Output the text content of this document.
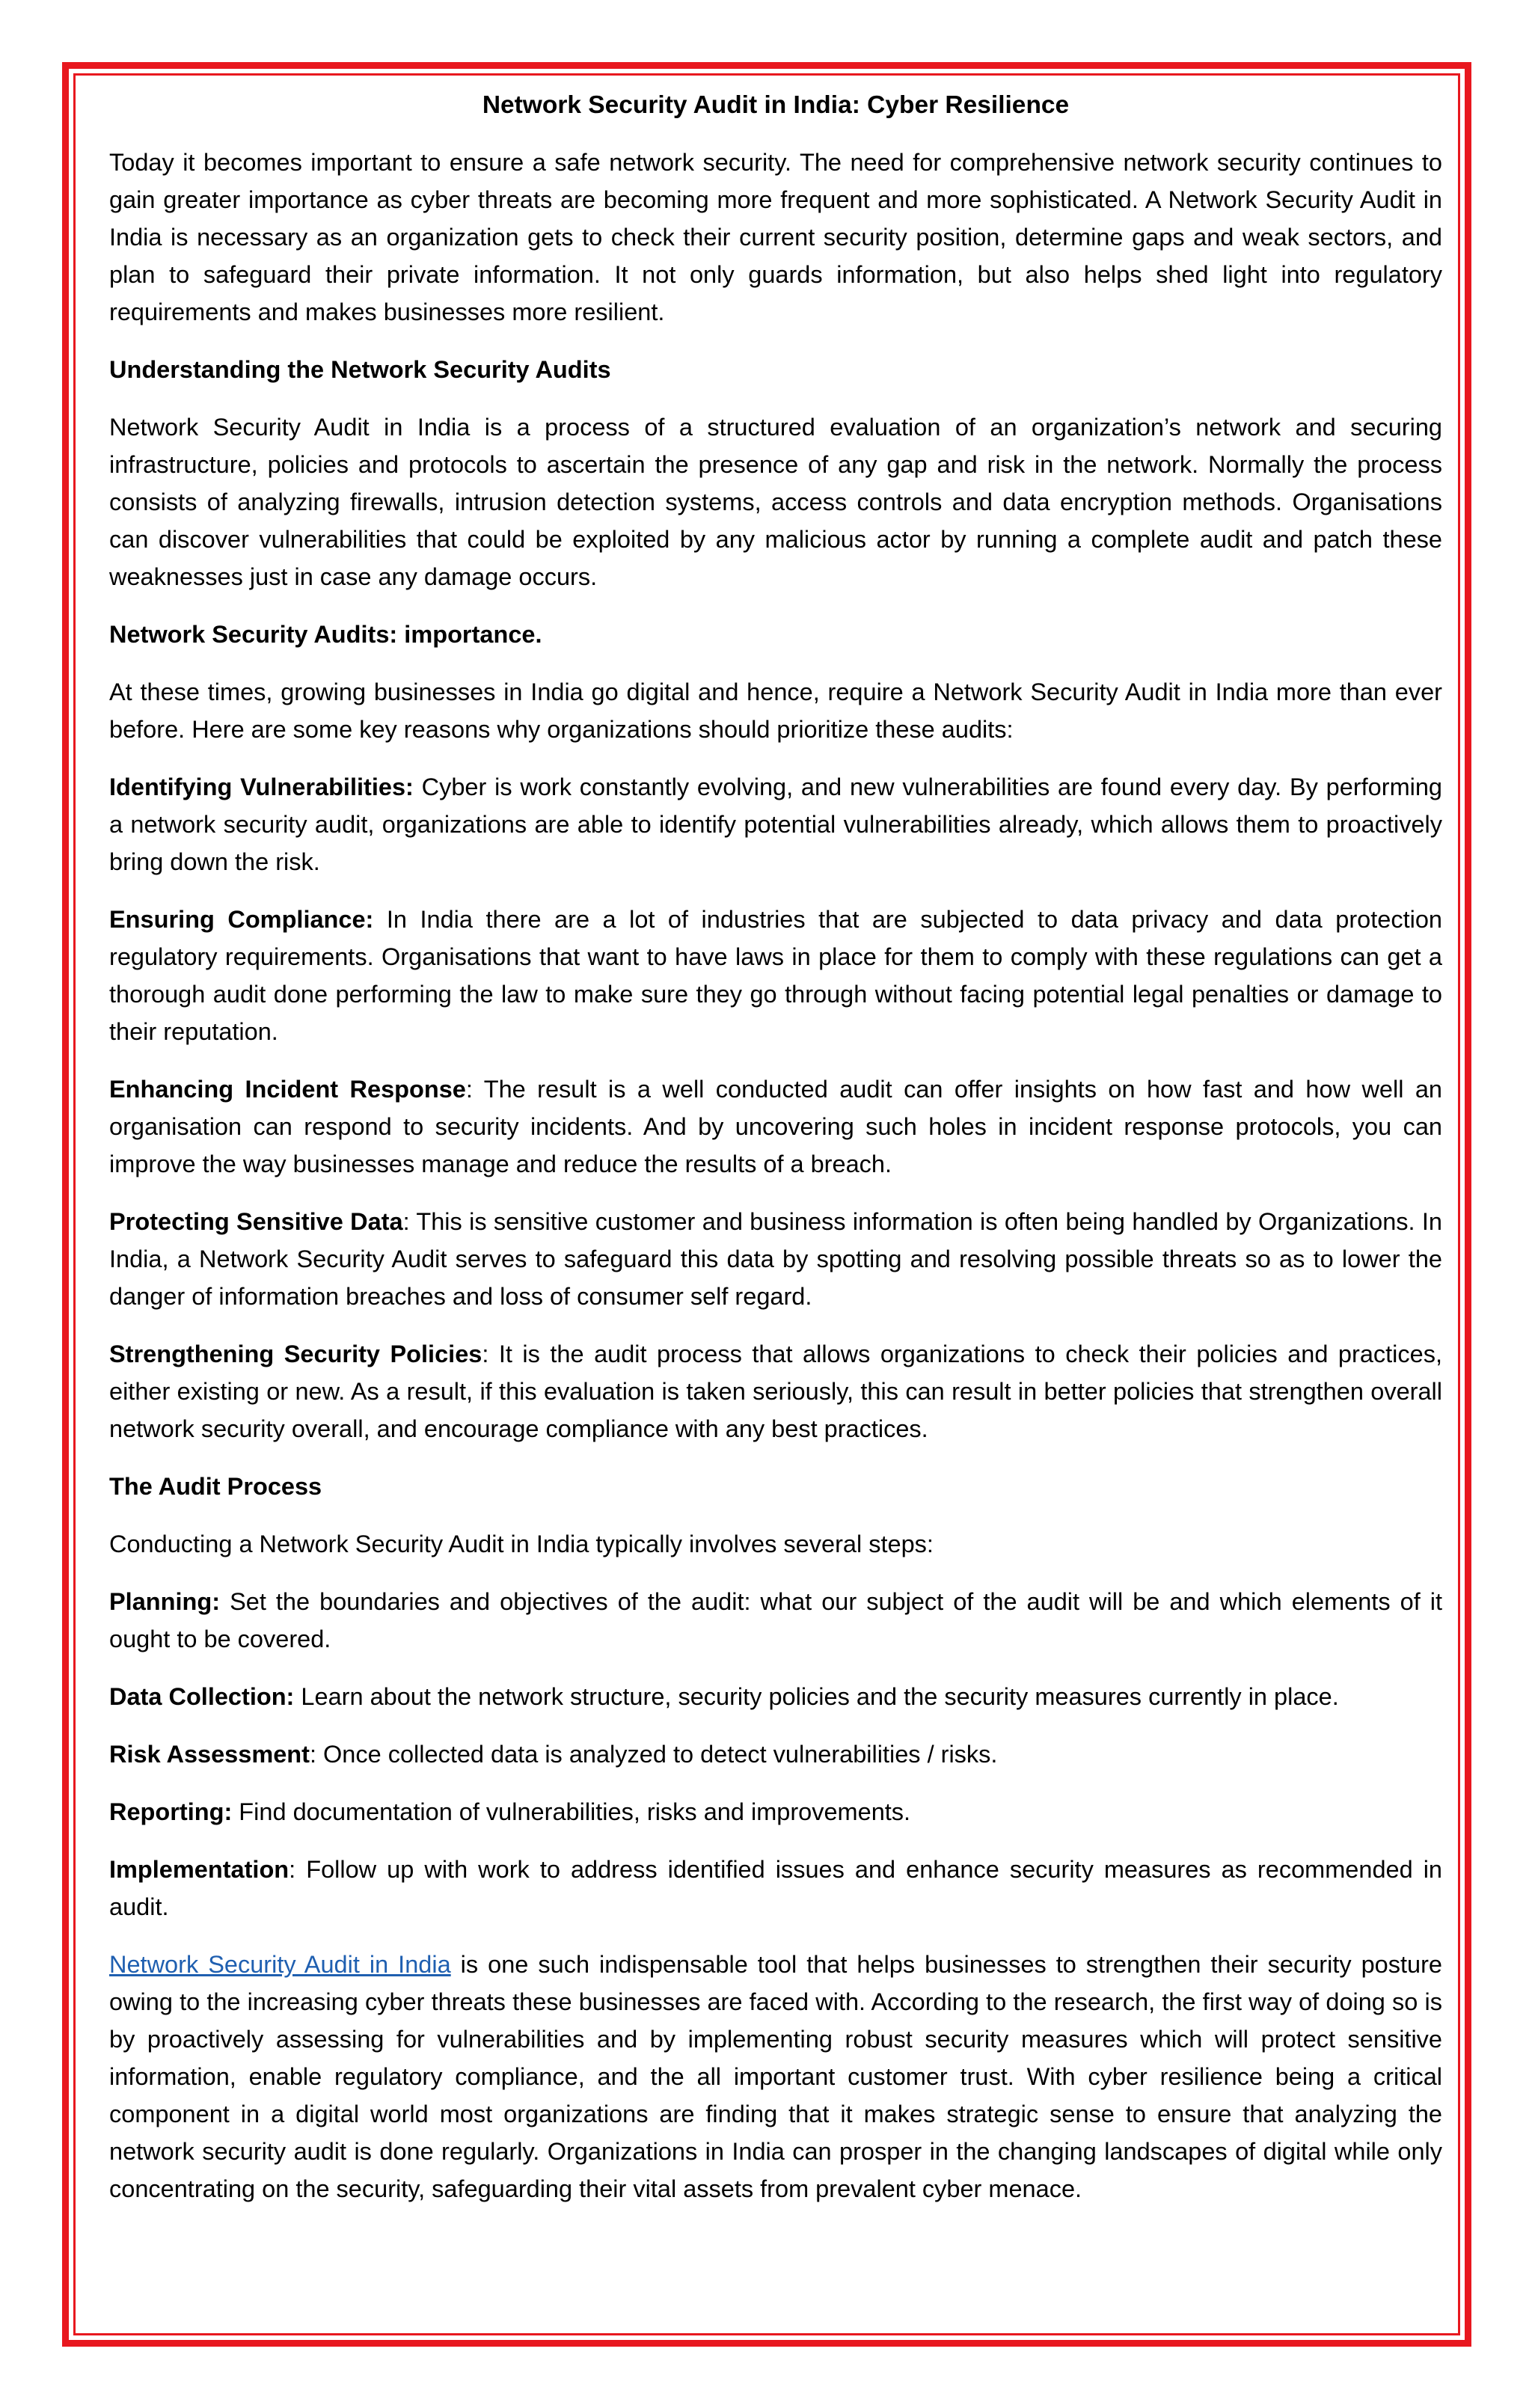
Network Security Audit in India: Cyber Resilience

Today it becomes important to ensure a safe network security. The need for comprehensive network security continues to gain greater importance as cyber threats are becoming more frequent and more sophisticated. A Network Security Audit in India is necessary as an organization gets to check their current security position, determine gaps and weak sectors, and plan to safeguard their private information. It not only guards information, but also helps shed light into regulatory requirements and makes businesses more resilient.

Understanding the Network Security Audits

Network Security Audit in India is a process of a structured evaluation of an organization’s network and securing infrastructure, policies and protocols to ascertain the presence of any gap and risk in the network. Normally the process consists of analyzing firewalls, intrusion detection systems, access controls and data encryption methods. Organisations can discover vulnerabilities that could be exploited by any malicious actor by running a complete audit and patch these weaknesses just in case any damage occurs.

Network Security Audits: importance.

At these times, growing businesses in India go digital and hence, require a Network Security Audit in India more than ever before. Here are some key reasons why organizations should prioritize these audits:

Identifying Vulnerabilities: Cyber is work constantly evolving, and new vulnerabilities are found every day. By performing a network security audit, organizations are able to identify potential vulnerabilities already, which allows them to proactively bring down the risk.

Ensuring Compliance: In India there are a lot of industries that are subjected to data privacy and data protection regulatory requirements. Organisations that want to have laws in place for them to comply with these regulations can get a thorough audit done performing the law to make sure they go through without facing potential legal penalties or damage to their reputation.

Enhancing Incident Response: The result is a well conducted audit can offer insights on how fast and how well an organisation can respond to security incidents. And by uncovering such holes in incident response protocols, you can improve the way businesses manage and reduce the results of a breach.

Protecting Sensitive Data: This is sensitive customer and business information is often being handled by Organizations. In India, a Network Security Audit serves to safeguard this data by spotting and resolving possible threats so as to lower the danger of information breaches and loss of consumer self regard.

Strengthening Security Policies: It is the audit process that allows organizations to check their policies and practices, either existing or new. As a result, if this evaluation is taken seriously, this can result in better policies that strengthen overall network security overall, and encourage compliance with any best practices.

The Audit Process

Conducting a Network Security Audit in India typically involves several steps:

Planning: Set the boundaries and objectives of the audit: what our subject of the audit will be and which elements of it ought to be covered.

Data Collection: Learn about the network structure, security policies and the security measures currently in place.

Risk Assessment: Once collected data is analyzed to detect vulnerabilities / risks.

Reporting: Find documentation of vulnerabilities, risks and improvements.

Implementation: Follow up with work to address identified issues and enhance security measures as recommended in audit.

Network Security Audit in India is one such indispensable tool that helps businesses to strengthen their security posture owing to the increasing cyber threats these businesses are faced with. According to the research, the first way of doing so is by proactively assessing for vulnerabilities and by implementing robust security measures which will protect sensitive information, enable regulatory compliance, and the all important customer trust. With cyber resilience being a critical component in a digital world most organizations are finding that it makes strategic sense to ensure that analyzing the network security audit is done regularly. Organizations in India can prosper in the changing landscapes of digital while only concentrating on the security, safeguarding their vital assets from prevalent cyber menace.
